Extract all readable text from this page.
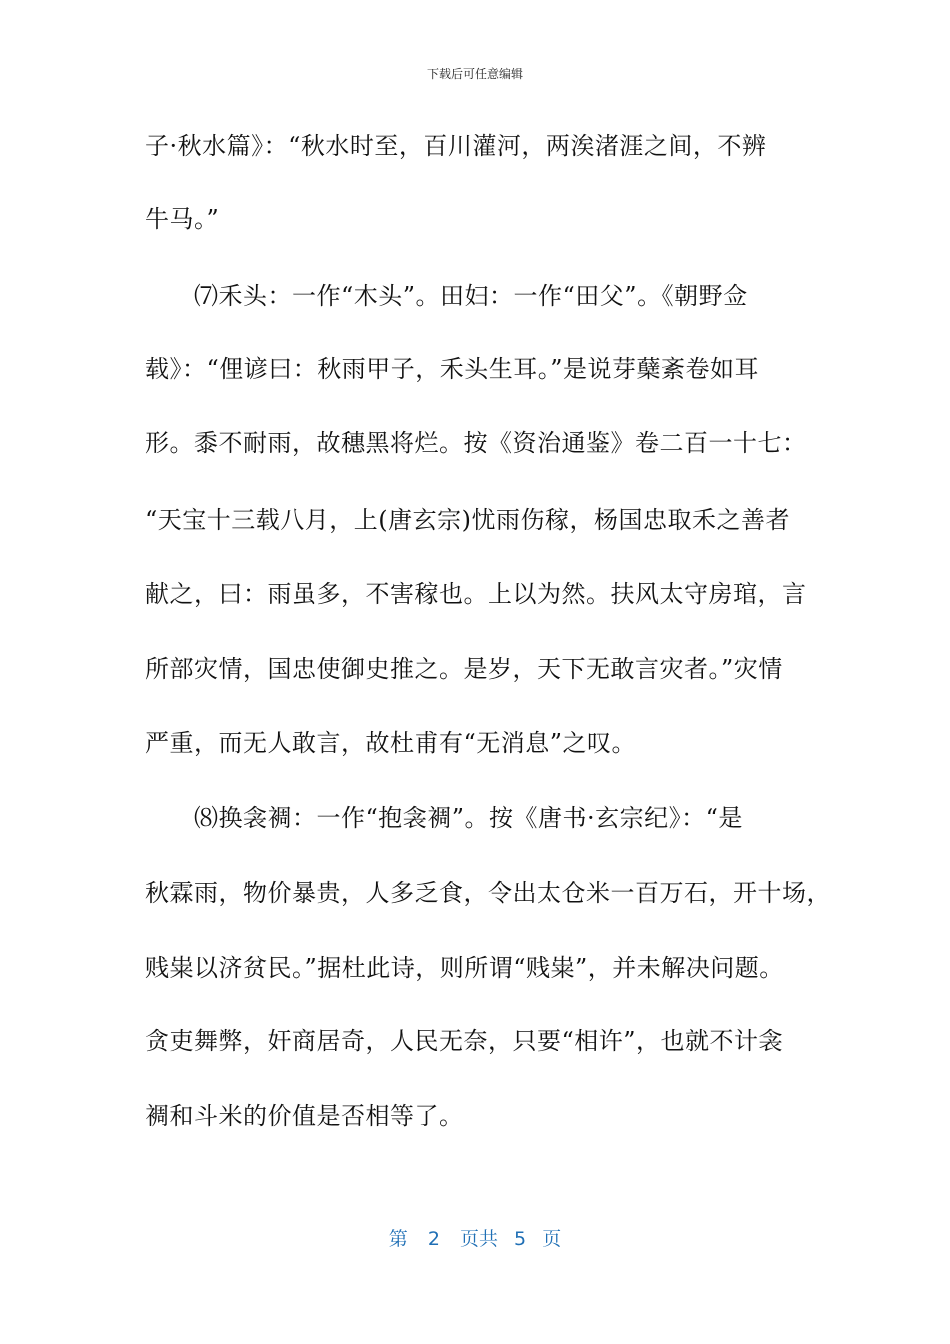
下载后可任意编辑
子·秋水篇》：“秋水时至，百川灌河，两涘渚涯之间，不辨
牛马。”
　　⑺禾头：一作“木头”。田妇：一作“田父”。《朝野佥
载》：“俚谚曰：秋雨甲子，禾头生耳。”是说芽蘖紊卷如耳
形。黍不耐雨，故穗黑将烂。按《资治通鉴》卷二百一十七：
“天宝十三载八月，上(唐玄宗)忧雨伤稼，杨国忠取禾之善者
献之，曰：雨虽多，不害稼也。上以为然。扶风太守房琯，言
所部灾情，国忠使御史推之。是岁，天下无敢言灾者。”灾情
严重，而无人敢言，故杜甫有“无消息”之叹。
　　⑻换衾裯：一作“抱衾裯”。按《唐书·玄宗纪》：“是
秋霖雨，物价暴贵，人多乏食，令出太仓米一百万石，开十场，
贱粜以济贫民。”据杜此诗，则所谓“贱粜”，并未解决问题。
贪吏舞弊，奸商居奇，人民无奈，只要“相许”，也就不计衾
裯和斗米的价值是否相等了。
第 2 页共 5 页
